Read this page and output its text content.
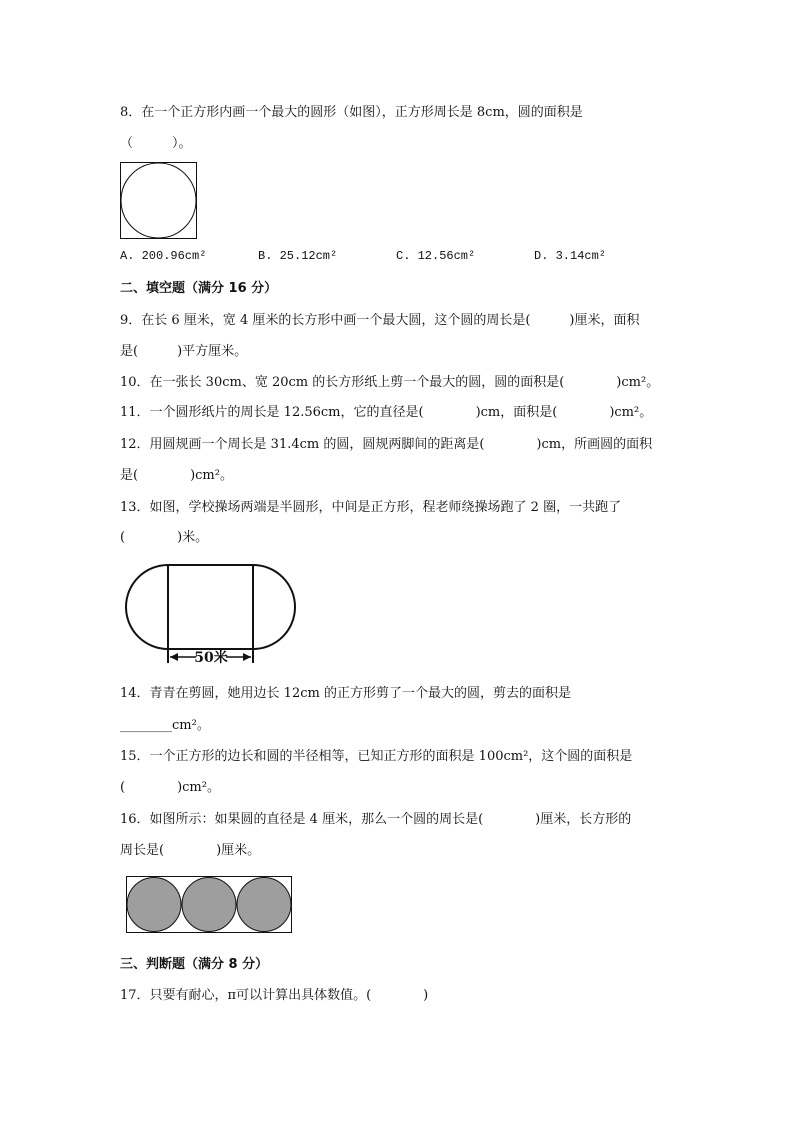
8．在一个正方形内画一个最大的圆形（如图），正方形周长是 8cm，圆的面积是
（　　　）。
A. 200.96cm²	B. 25.12cm²	C. 12.56cm²	D. 3.14cm²
二、填空题（满分 16 分）
9．在长 6 厘米，宽 4 厘米的长方形中画一个最大圆，这个圆的周长是(　　　)厘米，面积
是(　　　)平方厘米。
10．在一张长 30cm、宽 20cm 的长方形纸上剪一个最大的圆，圆的面积是(　　　　)cm²。
11．一个圆形纸片的周长是 12.56cm，它的直径是(　　　　)cm，面积是(　　　　)cm²。
12．用圆规画一个周长是 31.4cm 的圆，圆规两脚间的距离是(　　　　)cm，所画圆的面积
是(　　　　)cm²。
13．如图，学校操场两端是半圆形，中间是正方形，程老师绕操场跑了 2 圈，一共跑了
(　　　　)米。
50米
14．青青在剪圆，她用边长 12cm 的正方形剪了一个最大的圆，剪去的面积是
________cm²。
15．一个正方形的边长和圆的半径相等，已知正方形的面积是 100cm²，这个圆的面积是
(　　　　)cm²。
16．如图所示：如果圆的直径是 4 厘米，那么一个圆的周长是(　　　　)厘米，长方形的
周长是(　　　　)厘米。
三、判断题（满分 8 分）
17．只要有耐心，π可以计算出具体数值。(　　　　)
